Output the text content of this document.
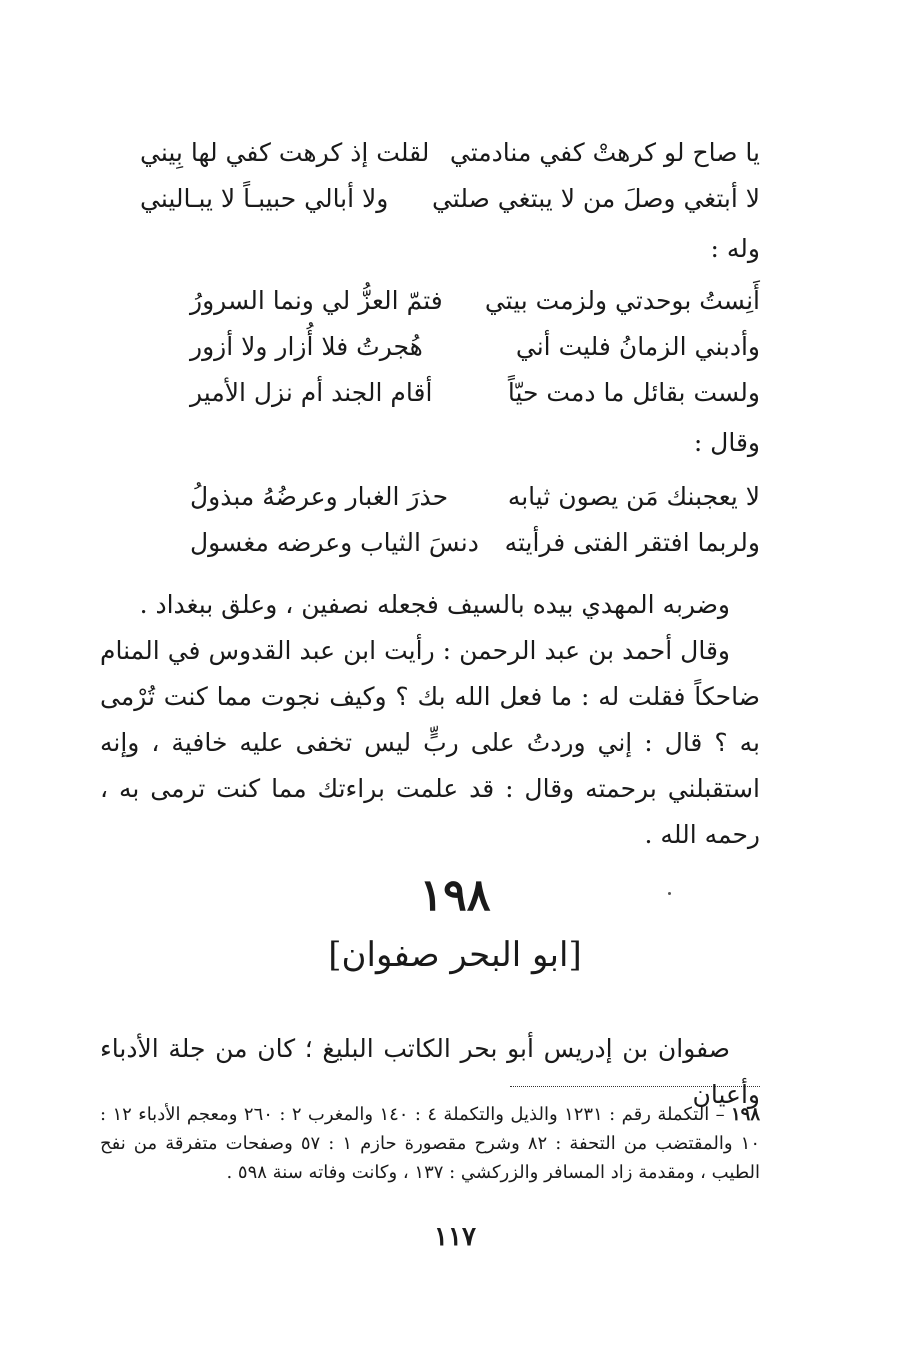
يا صاح لو كرهتْ كفي منادمتي
لقلت إذ كرهت كفي لها بِيني
لا أبتغي وصلَ من لا يبتغي صلتي
ولا أبالي حبيبـاً لا يبـاليني
وله :
أَنِستُ بوحدتي ولزمت بيتي
فتمّ العزُّ لي ونما السرورُ
وأدبني الزمانُ فليت أني
هُجرتُ فلا أُزار ولا أزور
ولست بقائل ما دمت حيّاً
أقام الجند أم نزل الأمير
وقال :
لا يعجبنك مَن يصون ثيابه
حذرَ الغبار وعرضُهُ مبذولُ
ولربما افتقر الفتى فرأيته
دنسَ الثياب وعرضه مغسول

وضربه المهدي بيده بالسيف فجعله نصفين ، وعلق ببغداد .

وقال أحمد بن عبد الرحمن : رأيت ابن عبد القدوس في المنام ضاحكاً فقلت له : ما فعل الله بك ؟ وكيف نجوت مما كنت تُرْمى به ؟ قال : إني وردتُ على ربٍّ ليس تخفى عليه خافية ، وإنه استقبلني برحمته وقال : قد علمت براءتك مما كنت ترمى به ، رحمه الله .

١٩٨
[ابو البحر صفوان]

صفوان بن إدريس أبو بحر الكاتب البليغ ؛ كان من جلة الأدباء وأعيان

١٩٨ – التكملة رقم : ١٢٣١ والذيل والتكملة ٤ : ١٤٠ والمغرب ٢ : ٢٦٠ ومعجم الأدباء ١٢ : ١٠ والمقتضب من التحفة : ٨٢ وشرح مقصورة حازم ١ : ٥٧ وصفحات متفرقة من نفح الطيب ، ومقدمة زاد المسافر والزركشي : ١٣٧ ، وكانت وفاته سنة ٥٩٨ .
١١٧
